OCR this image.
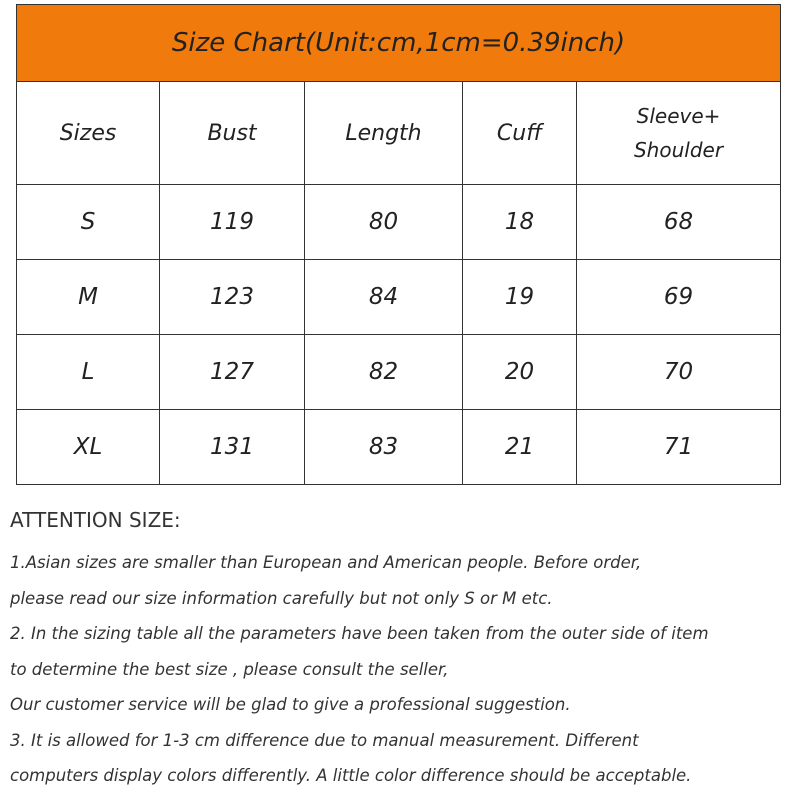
Size Chart(Unit:cm,1cm=0.39inch)				
Sizes	Bust	Length	Cuff	Sleeve+
Shoulder
S	119	80	18	68
M	123	84	19	69
L	127	82	20	70
XL	131	83	21	71
ATTENTION SIZE:
1.Asian sizes are smaller than European and American people. Before order,
please read our size information carefully but not only S or M etc.
2. In the sizing table all the parameters have been taken from the outer side of item
to determine the best size , please consult the seller,
Our customer service will be glad to give a professional suggestion.
3. It is allowed for 1-3 cm difference due to manual measurement. Different
computers display colors differently. A little color difference should be acceptable.
